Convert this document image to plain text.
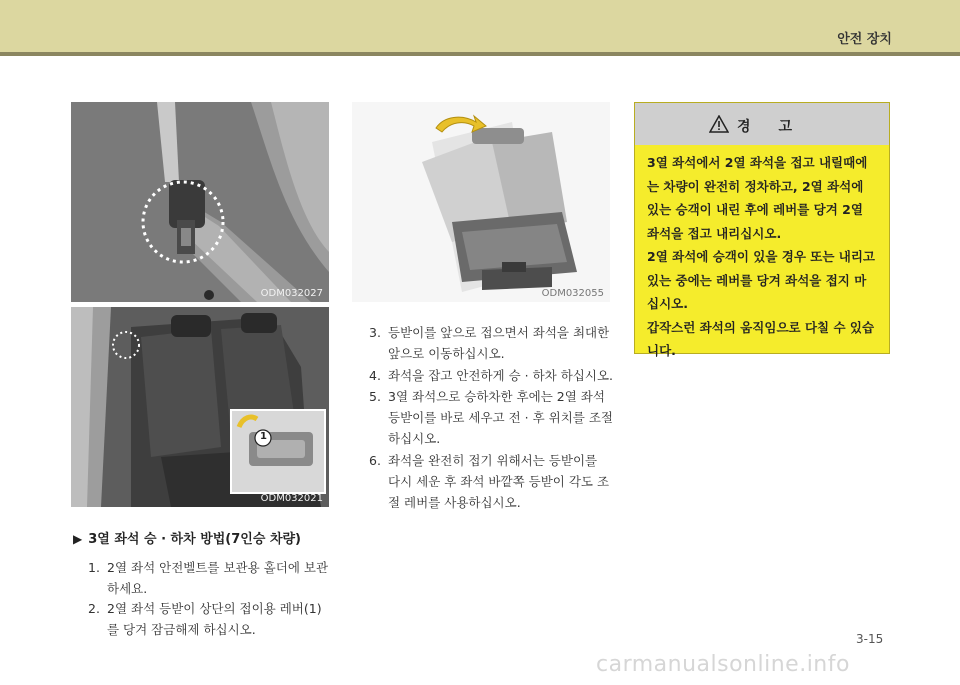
안전 장치
ODM032027
1
ODM032021
ODM032055
▶ 3열 좌석 승 · 하차 방법(7인승 차량)
1. 2열 좌석 안전벨트를 보관용 홀더에 보관하세요.
2. 2열 좌석 등받이 상단의 접이용 레버(1)를 당겨 잠금해제 하십시오.
3. 등받이를 앞으로 접으면서 좌석을 최대한 앞으로 이동하십시오.
4. 좌석을 잡고 안전하게 승 · 하차 하십시오.
5. 3열 좌석으로 승하차한 후에는 2열 좌석 등받이를 바로 세우고 전 · 후 위치를 조절하십시오.
6. 좌석을 완전히 접기 위해서는 등받이를 다시 세운 후 좌석 바깥쪽 등받이 각도 조절 레버를 사용하십시오.
경고
3열 좌석에서 2열 좌석을 접고 내릴때에는 차량이 완전히 정차하고, 2열 좌석에 있는 승객이 내린 후에 레버를 당겨 2열 좌석을 접고 내리십시오.
2열 좌석에 승객이 있을 경우 또는 내리고 있는 중에는 레버를 당겨 좌석을 접지 마십시오.
갑작스런 좌석의 움직임으로 다칠 수 있습니다.
3-15
carmanualsonline.info
